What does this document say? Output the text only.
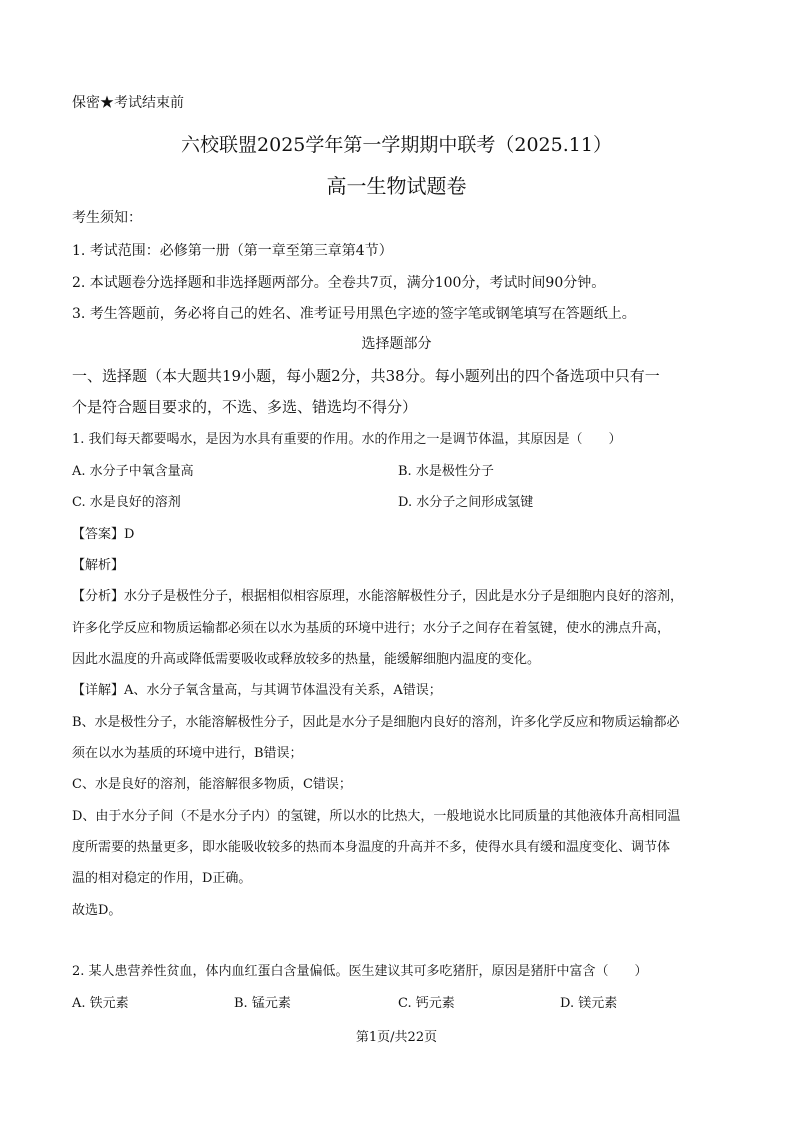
保密★考试结束前
六校联盟2025学年第一学期期中联考（2025.11）
高一生物试题卷
考生须知：
1. 考试范围：必修第一册（第一章至第三章第4节）
2. 本试题卷分选择题和非选择题两部分。全卷共7页，满分100分，考试时间90分钟。
3. 考生答题前，务必将自己的姓名、准考证号用黑色字迹的签字笔或钢笔填写在答题纸上。
选择题部分
一、选择题（本大题共19小题，每小题2分，共38分。每小题列出的四个备选项中只有一
个是符合题目要求的，不选、多选、错选均不得分）
1. 我们每天都要喝水，是因为水具有重要的作用。水的作用之一是调节体温，其原因是（　　）
A. 水分子中氧含量高	B. 水是极性分子
C. 水是良好的溶剂	D. 水分子之间形成氢键
【答案】D
【解析】
【分析】水分子是极性分子，根据相似相容原理，水能溶解极性分子，因此是水分子是细胞内良好的溶剂，
许多化学反应和物质运输都必须在以水为基质的环境中进行；水分子之间存在着氢键，使水的沸点升高，
因此水温度的升高或降低需要吸收或释放较多的热量，能缓解细胞内温度的变化。
【详解】A、水分子氧含量高，与其调节体温没有关系，A错误；
B、水是极性分子，水能溶解极性分子，因此是水分子是细胞内良好的溶剂，许多化学反应和物质运输都必
须在以水为基质的环境中进行，B错误；
C、水是良好的溶剂，能溶解很多物质，C错误；
D、由于水分子间（不是水分子内）的氢键，所以水的比热大，一般地说水比同质量的其他液体升高相同温
度所需要的热量更多，即水能吸收较多的热而本身温度的升高并不多，使得水具有缓和温度变化、调节体
温的相对稳定的作用，D正确。
故选D。
2. 某人患营养性贫血，体内血红蛋白含量偏低。医生建议其可多吃猪肝，原因是猪肝中富含（　　）
A. 铁元素	B. 锰元素	C. 钙元素	D. 镁元素
第1页/共22页
